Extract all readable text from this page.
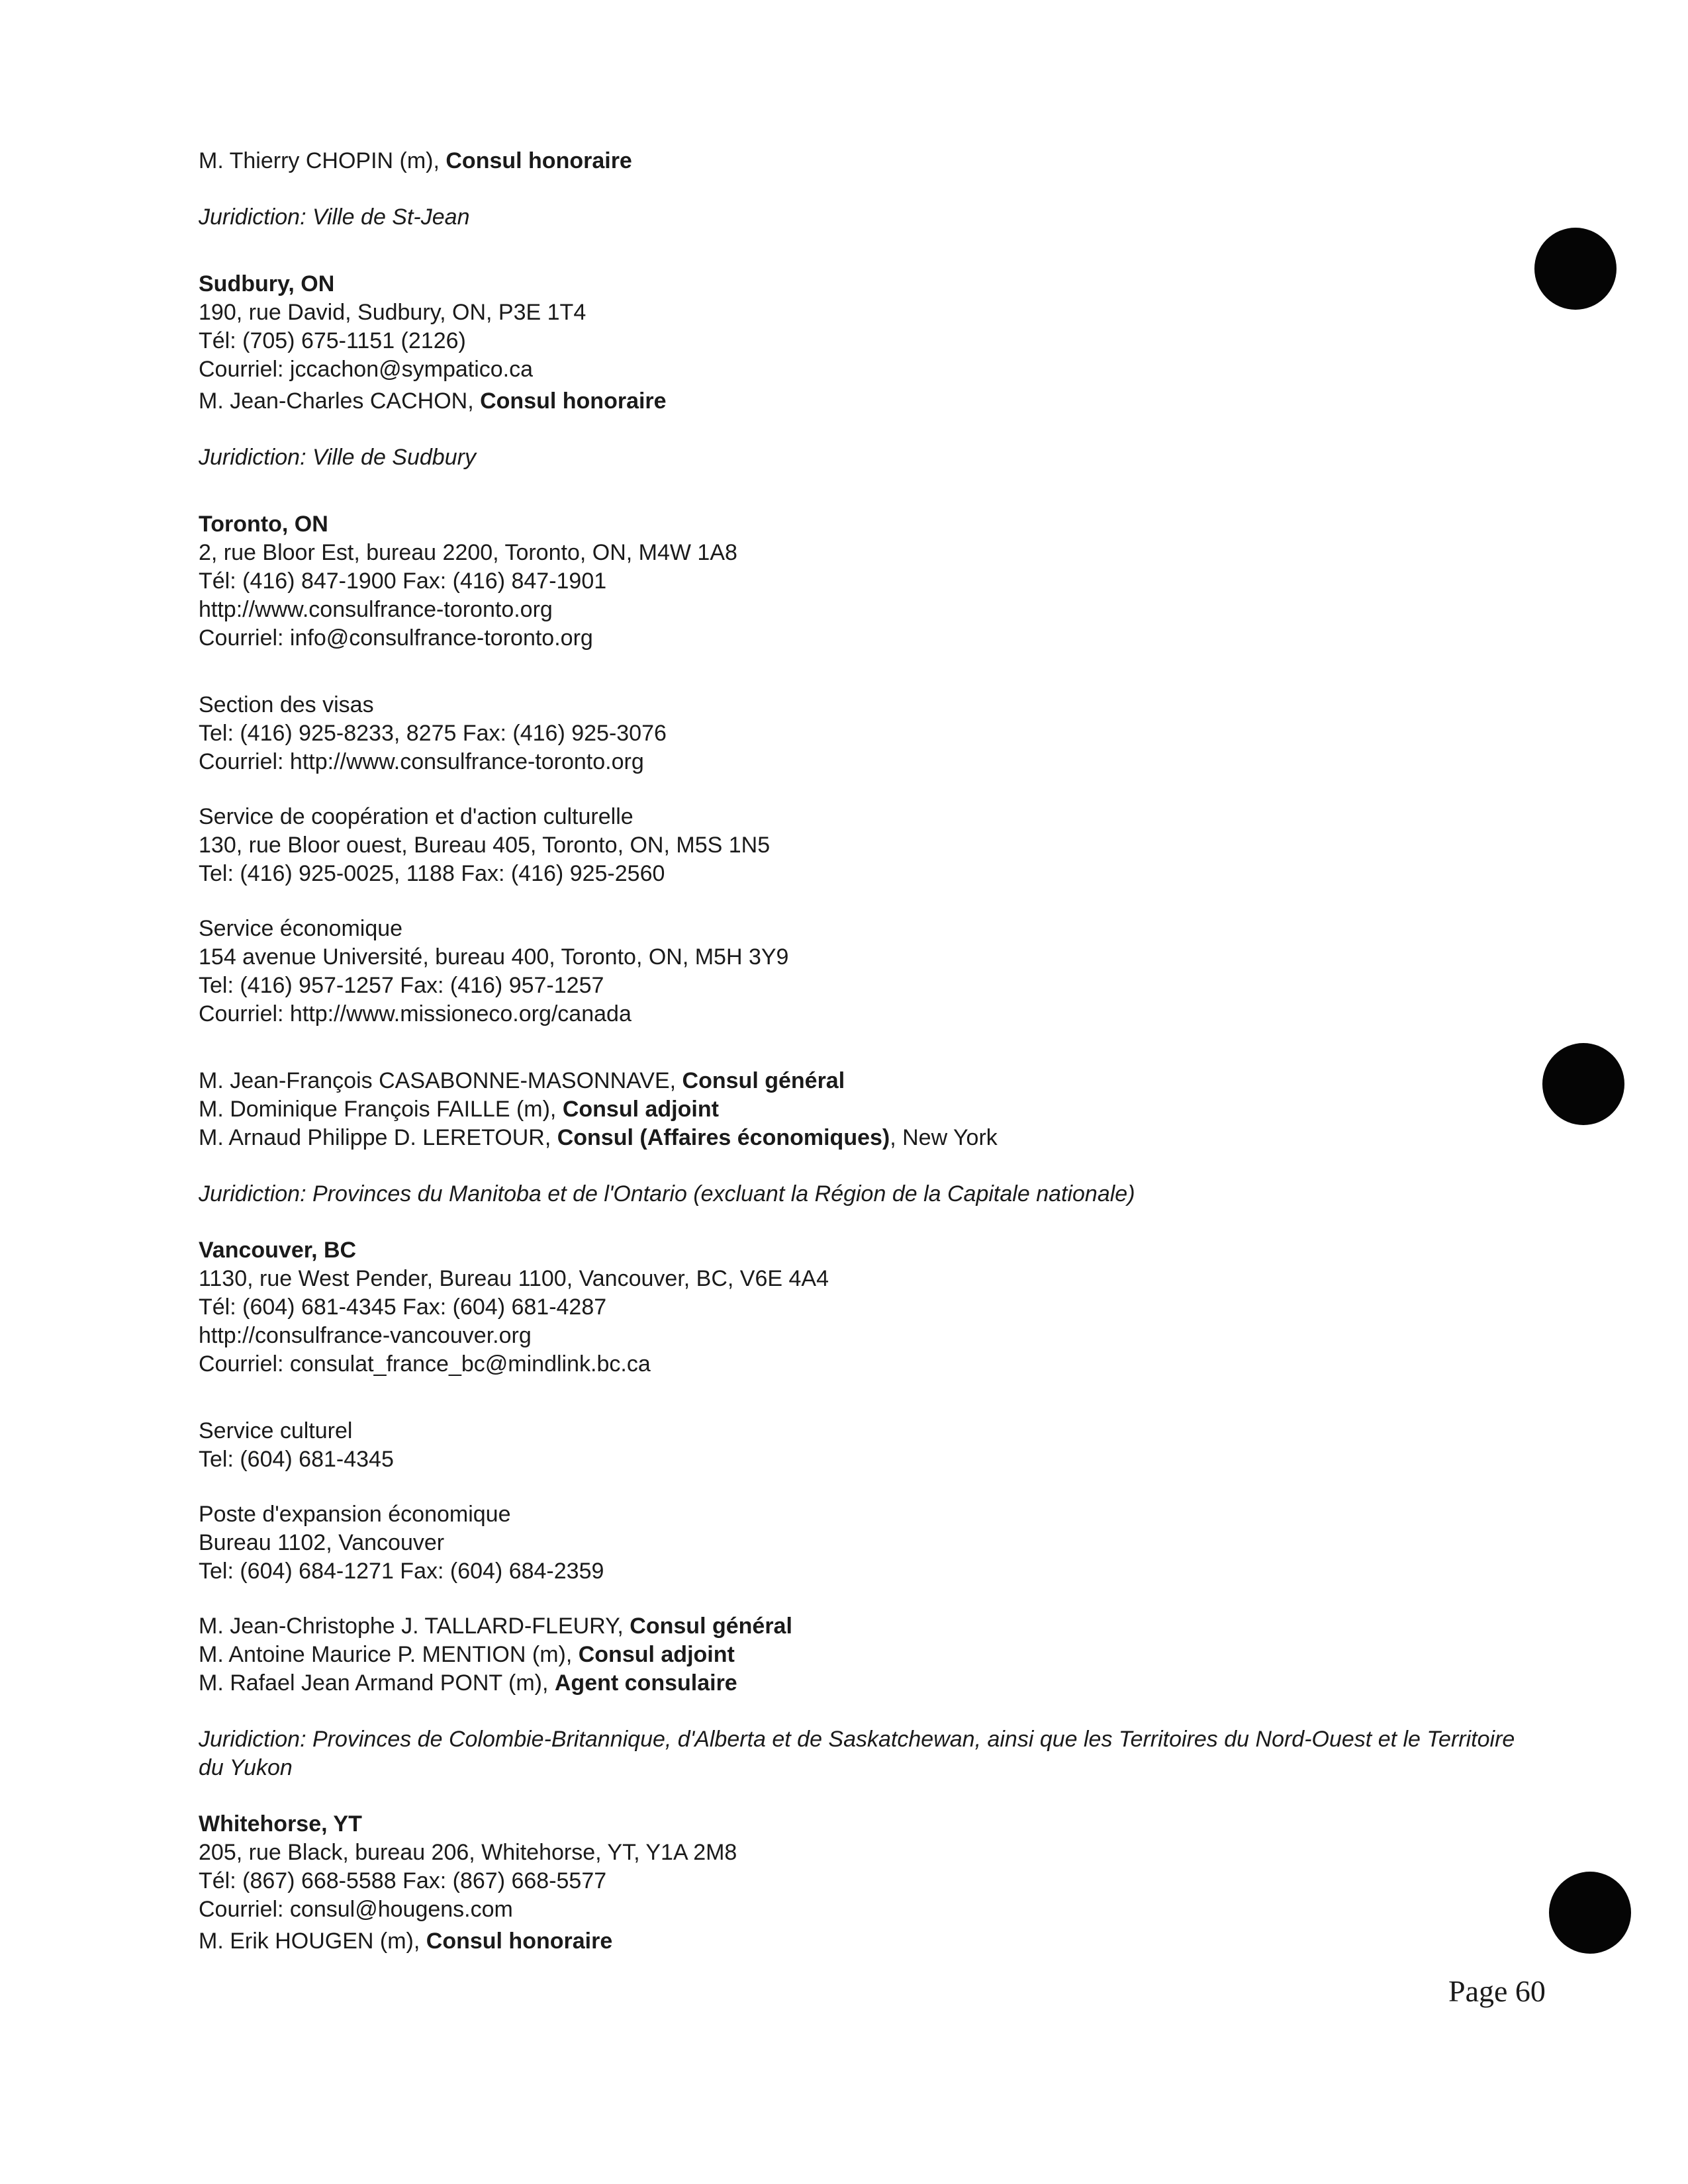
M. Thierry CHOPIN (m), Consul honoraire
Juridiction: Ville de St-Jean
Sudbury, ON
190, rue David, Sudbury, ON, P3E 1T4
Tél: (705) 675-1151 (2126)
Courriel: jccachon@sympatico.ca
M. Jean-Charles CACHON, Consul honoraire
Juridiction: Ville de Sudbury
Toronto, ON
2, rue Bloor Est, bureau 2200, Toronto, ON, M4W 1A8
Tél: (416) 847-1900 Fax: (416) 847-1901
http://www.consulfrance-toronto.org
Courriel: info@consulfrance-toronto.org
Section des visas
Tel: (416) 925-8233, 8275 Fax: (416) 925-3076
Courriel: http://www.consulfrance-toronto.org
Service de coopération et d'action culturelle
130, rue Bloor ouest, Bureau 405, Toronto, ON, M5S 1N5
Tel: (416) 925-0025, 1188 Fax: (416) 925-2560
Service économique
154 avenue Université, bureau 400, Toronto, ON, M5H 3Y9
Tel: (416) 957-1257 Fax: (416) 957-1257
Courriel: http://www.missioneco.org/canada
M. Jean-François CASABONNE-MASONNAVE, Consul général
M. Dominique François FAILLE (m), Consul adjoint
M. Arnaud Philippe D. LERETOUR, Consul (Affaires économiques), New York
Juridiction: Provinces du Manitoba et de l'Ontario (excluant la Région de la Capitale nationale)
Vancouver, BC
1130, rue West Pender, Bureau 1100, Vancouver, BC, V6E 4A4
Tél: (604) 681-4345 Fax: (604) 681-4287
http://consulfrance-vancouver.org
Courriel: consulat_france_bc@mindlink.bc.ca
Service culturel
Tel: (604) 681-4345
Poste d'expansion économique
Bureau 1102, Vancouver
Tel: (604) 684-1271 Fax: (604) 684-2359
M. Jean-Christophe J. TALLARD-FLEURY, Consul général
M. Antoine Maurice P. MENTION (m), Consul adjoint
M. Rafael Jean Armand PONT (m), Agent consulaire
Juridiction: Provinces de Colombie-Britannique, d'Alberta et de Saskatchewan, ainsi que les Territoires du Nord-Ouest et le Territoire du Yukon
Whitehorse, YT
205, rue Black, bureau 206, Whitehorse, YT, Y1A 2M8
Tél: (867) 668-5588 Fax: (867) 668-5577
Courriel: consul@hougens.com
M. Erik HOUGEN (m), Consul honoraire
Page 60
